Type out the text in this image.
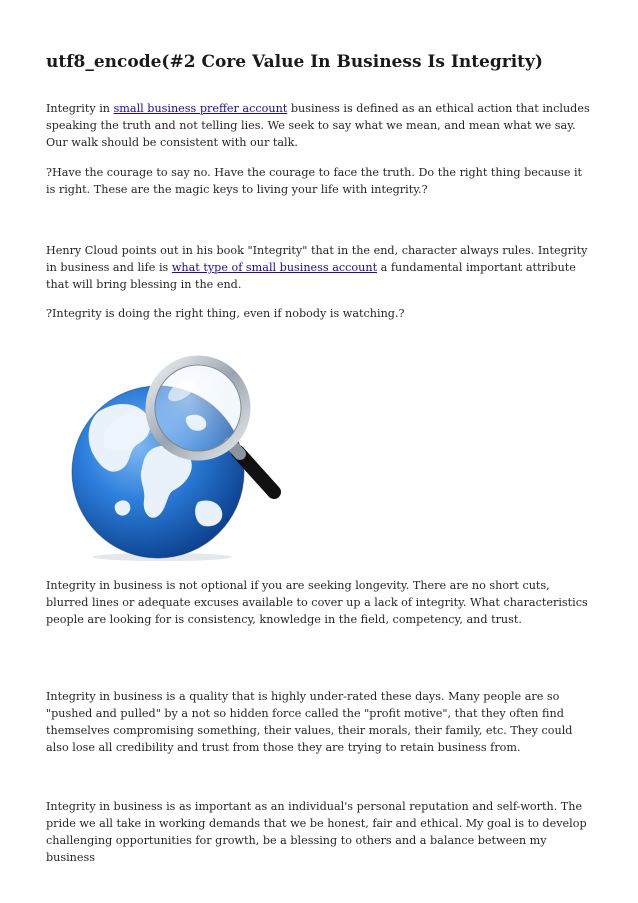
utf8_encode(#2 Core Value In Business Is Integrity)

Integrity in small business preffer account business is defined as an ethical action that includes speaking the truth and not telling lies. We seek to say what we mean, and mean what we say. Our walk should be consistent with our talk.

?Have the courage to say no. Have the courage to face the truth. Do the right thing because it is right. These are the magic keys to living your life with integrity.?

Henry Cloud points out in his book "Integrity" that in the end, character always rules. Integrity in business and life is what type of small business account a fundamental important attribute that will bring blessing in the end.

?Integrity is doing the right thing, even if nobody is watching.?

Integrity in business is not optional if you are seeking longevity. There are no short cuts, blurred lines or adequate excuses available to cover up a lack of integrity. What characteristics people are looking for is consistency, knowledge in the field, competency, and trust.

Integrity in business is a quality that is highly under-rated these days. Many people are so "pushed and pulled" by a not so hidden force called the "profit motive", that they often find themselves compromising something, their values, their morals, their family, etc. They could also lose all credibility and trust from those they are trying to retain business from.

Integrity in business is as important as an individual's personal reputation and self-worth. The pride we all take in working demands that we be honest, fair and ethical. My goal is to develop challenging opportunities for growth, be a blessing to others and a balance between my business
